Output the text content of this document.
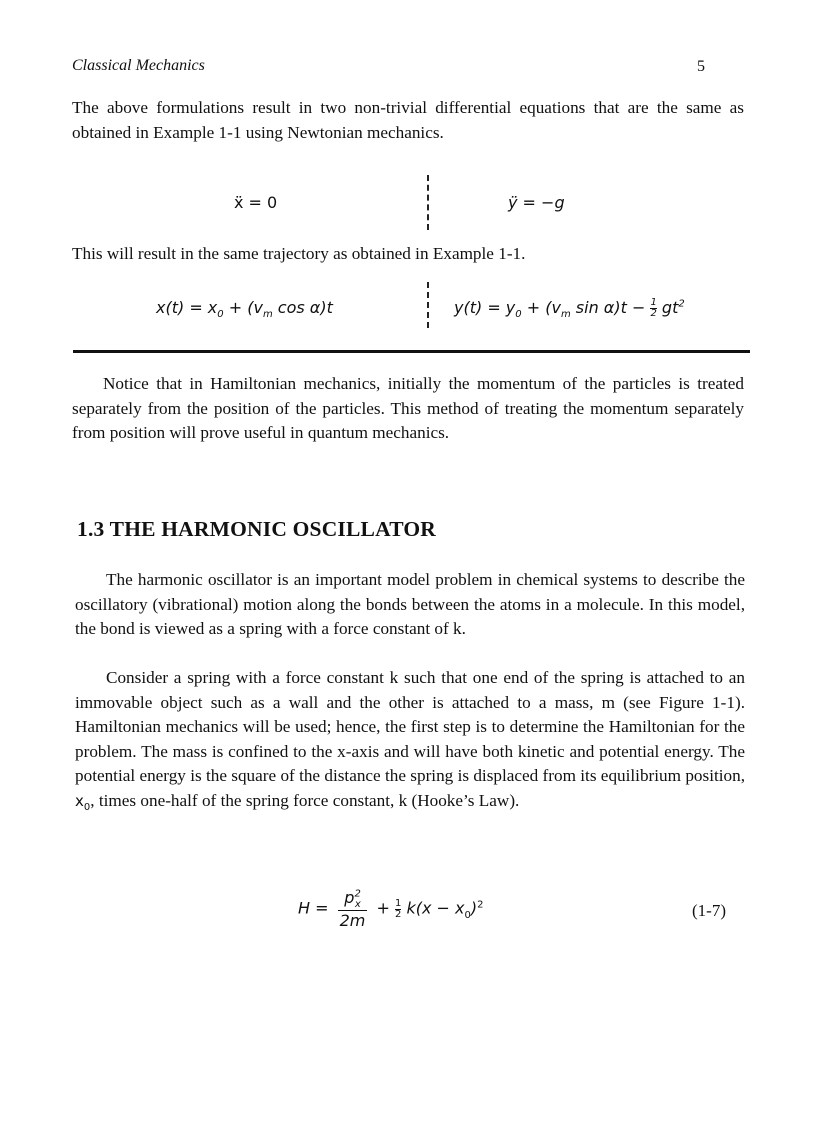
Classical Mechanics	5

The above formulations result in two non-trivial differential equations that are the same as obtained in Example 1-1 using Newtonian mechanics.

ẍ = 0	ÿ = −g

This will result in the same trajectory as obtained in Example 1-1.

$x(t) = x_0 + (v_m$ cos α)t	$y(t) = y_0 + (v_m$ $\sin \alpha)t - \frac{1}{2} gt^2$

Notice that in Hamiltonian mechanics, initially the momentum of the particles is treated separately from the position of the particles. This method of treating the momentum separately from position will prove useful in quantum mechanics.

1.3 THE HARMONIC OSCILLATOR

The harmonic oscillator is an important model problem in chemical systems to describe the oscillatory (vibrational) motion along the bonds between the atoms in a molecule. In this model, the bond is viewed as a spring with a force constant of k.

Consider a spring with a force constant k such that one end of the spring is attached to an immovable object such as a wall and the other is attached to a mass, m (see Figure 1-1). Hamiltonian mechanics will be used; hence, the first step is to determine the Hamiltonian for the problem. The mass is confined to the x-axis and will have both kinetic and potential energy. The potential energy is the square of the distance the spring is displaced from its equilibrium position, $x_0$, times one-half of the spring force constant, k (Hooke’s Law).

$H = \frac{p^2_x}{2m} + \frac{1}{2} k(x - x_0)^2$	(1-7)
